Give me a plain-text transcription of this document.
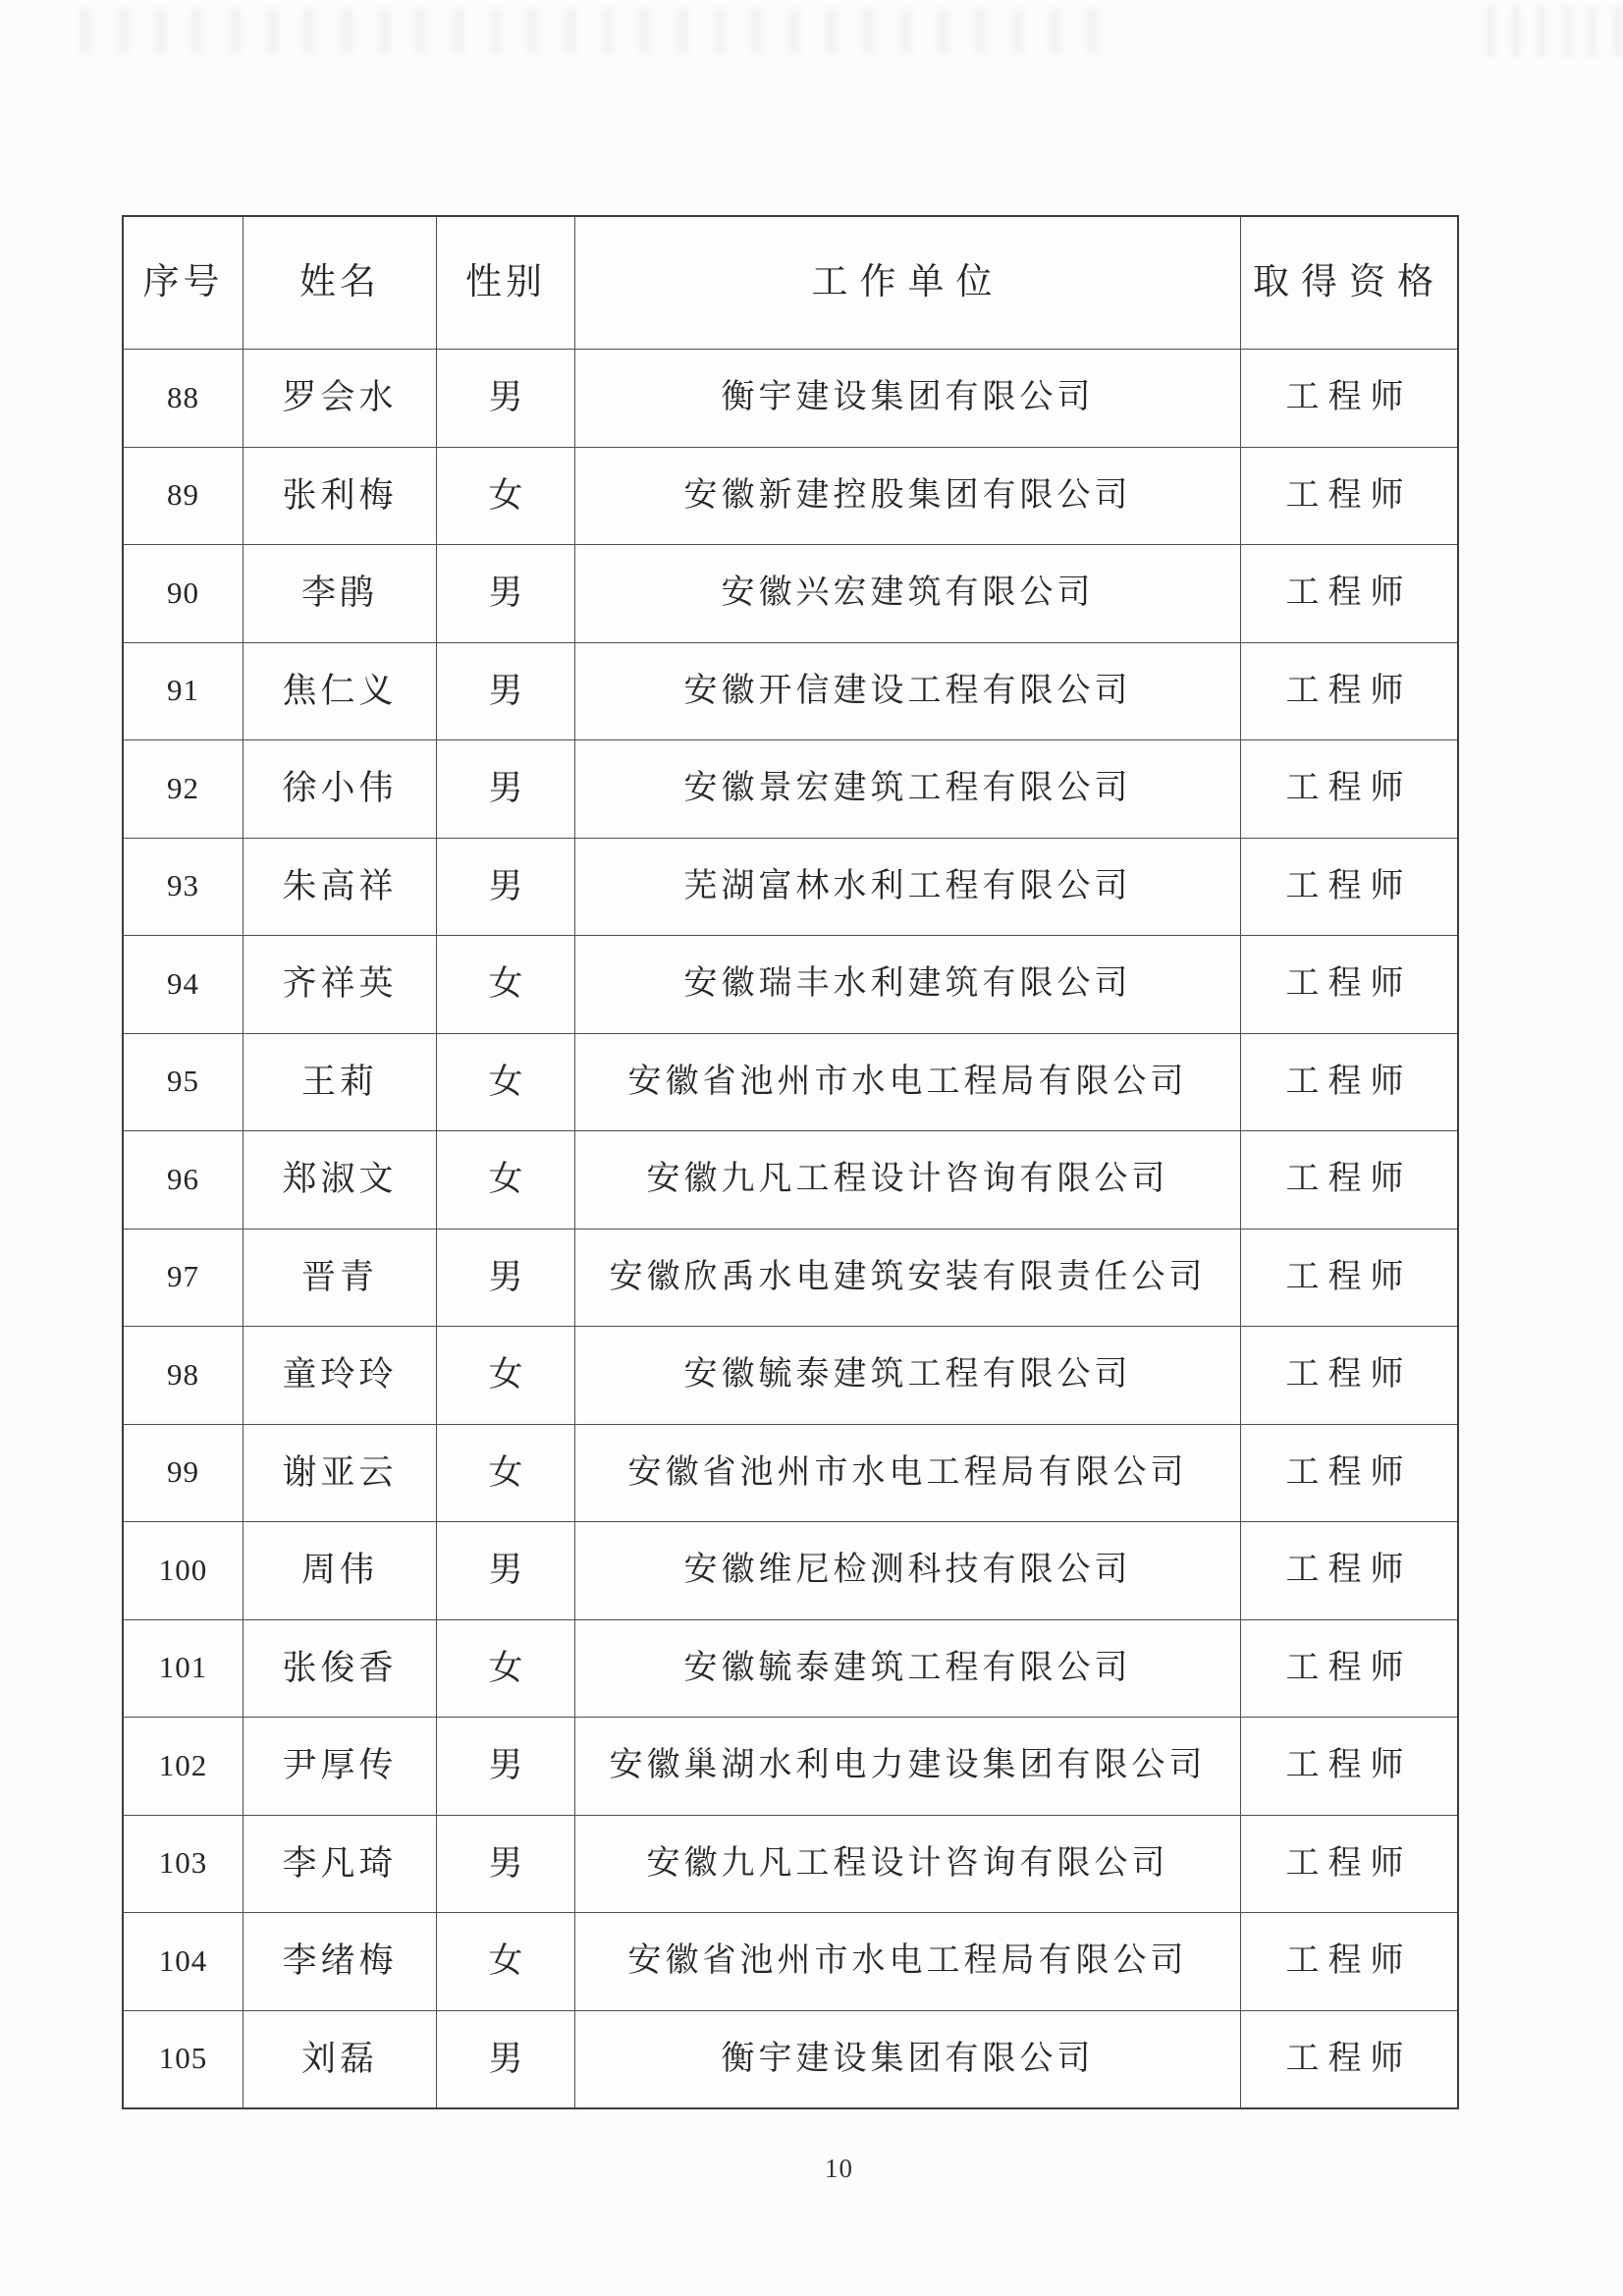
序号	姓名	性别	工作单位	取得资格
88	罗会水	男	衡宇建设集团有限公司	工程师
89	张利梅	女	安徽新建控股集团有限公司	工程师
90	李鹃	男	安徽兴宏建筑有限公司	工程师
91	焦仁义	男	安徽开信建设工程有限公司	工程师
92	徐小伟	男	安徽景宏建筑工程有限公司	工程师
93	朱高祥	男	芜湖富林水利工程有限公司	工程师
94	齐祥英	女	安徽瑞丰水利建筑有限公司	工程师
95	王莉	女	安徽省池州市水电工程局有限公司	工程师
96	郑淑文	女	安徽九凡工程设计咨询有限公司	工程师
97	晋青	男	安徽欣禹水电建筑安装有限责任公司	工程师
98	童玲玲	女	安徽毓泰建筑工程有限公司	工程师
99	谢亚云	女	安徽省池州市水电工程局有限公司	工程师
100	周伟	男	安徽维尼检测科技有限公司	工程师
101	张俊香	女	安徽毓泰建筑工程有限公司	工程师
102	尹厚传	男	安徽巢湖水利电力建设集团有限公司	工程师
103	李凡琦	男	安徽九凡工程设计咨询有限公司	工程师
104	李绪梅	女	安徽省池州市水电工程局有限公司	工程师
105	刘磊	男	衡宇建设集团有限公司	工程师
10
